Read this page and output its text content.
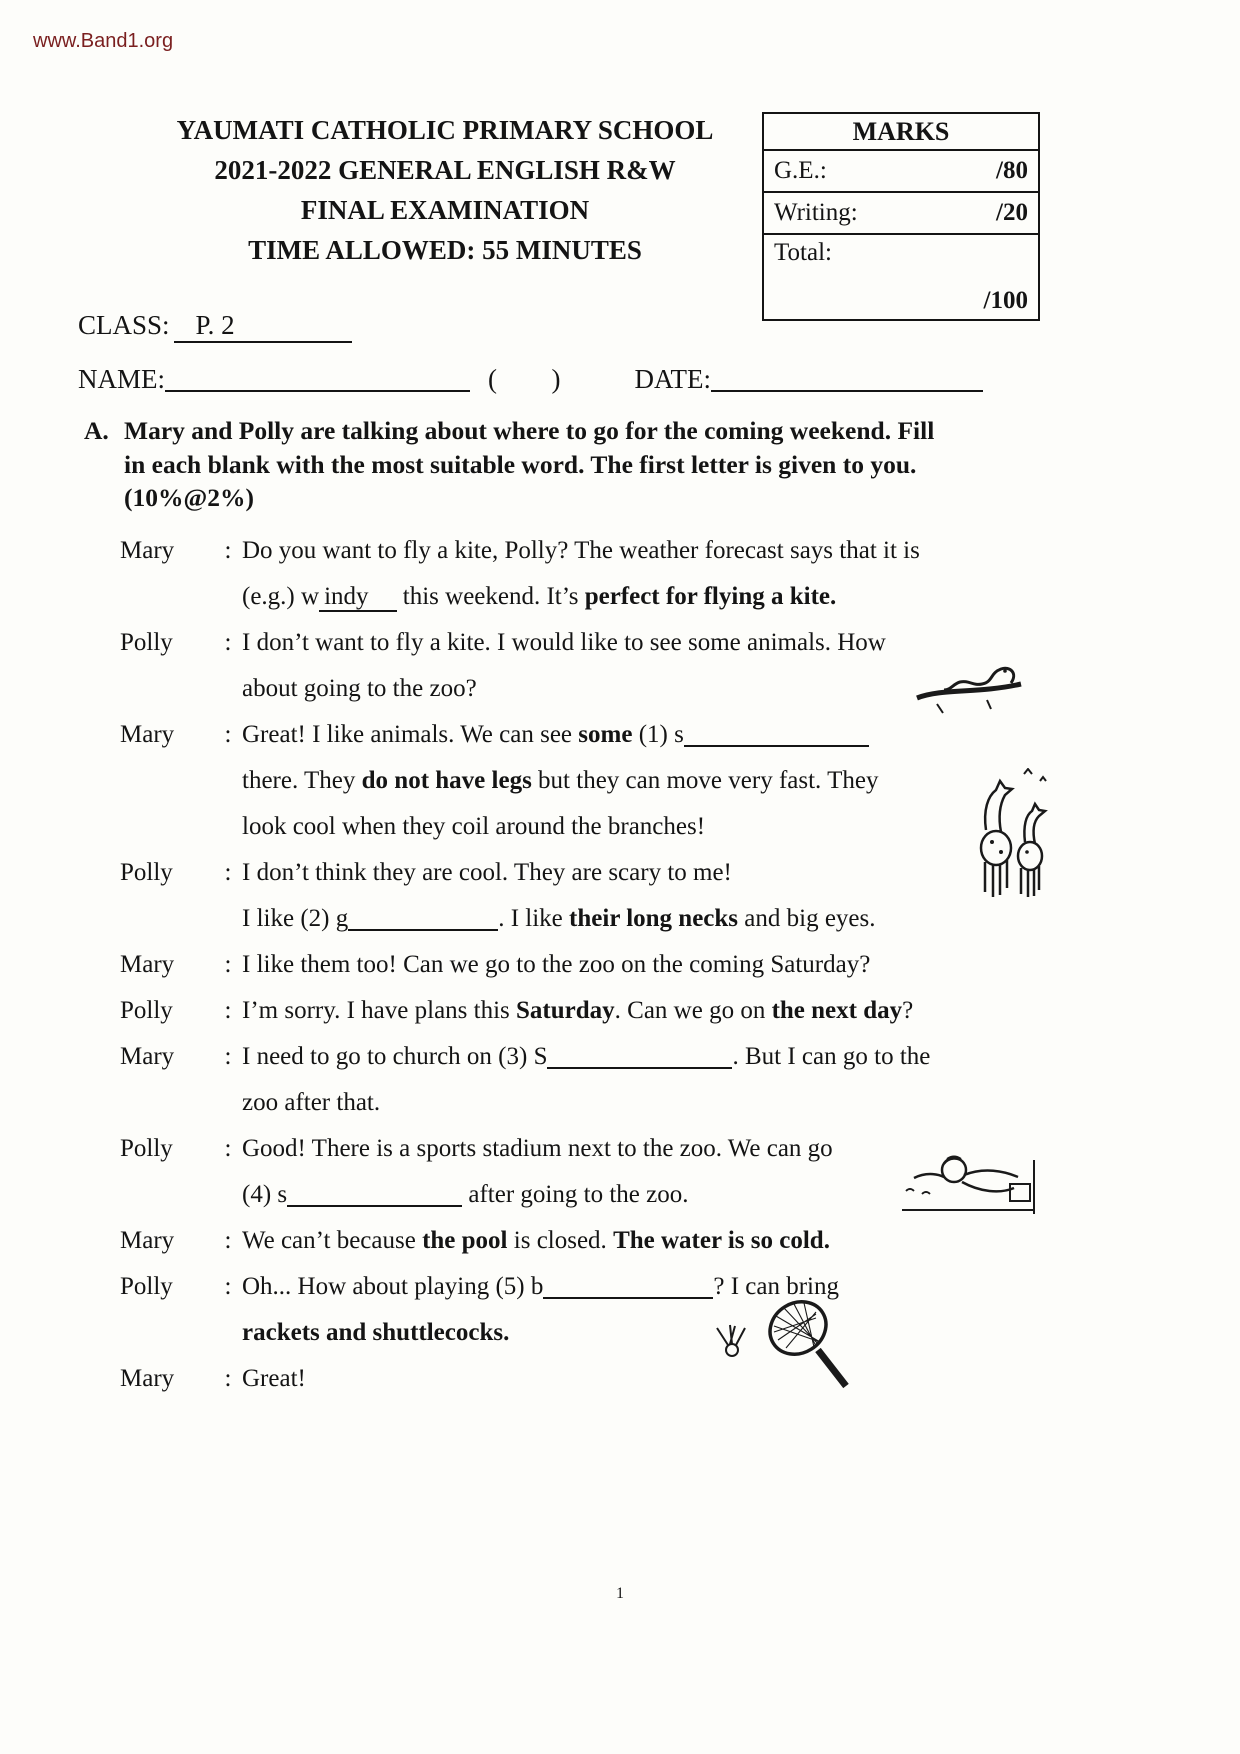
www.Band1.org
YAUMATI CATHOLIC PRIMARY SCHOOL
2021-2022 GENERAL ENGLISH R&W
FINAL EXAMINATION
TIME ALLOWED: 55 MINUTES
MARKS
G.E.:	/80
Writing:	/20
Total:
/100
CLASS: P. 2
NAME:	(      )	DATE:
A. Mary and Polly are talking about where to go for the coming weekend. Fill
in each blank with the most suitable word. The first letter is given to you.
(10%@2%)
Mary	: Do you want to fly a kite, Polly? The weather forecast says that it is
(e.g.) w indy this weekend. It’s perfect for flying a kite.
Polly	: I don’t want to fly a kite. I would like to see some animals. How
about going to the zoo?
Mary	: Great! I like animals. We can see some (1) s
there. They do not have legs but they can move very fast. They
look cool when they coil around the branches!
Polly	: I don’t think they are cool. They are scary to me!
I like (2) g	. I like their long necks and big eyes.
Mary	: I like them too! Can we go to the zoo on the coming Saturday?
Polly	: I’m sorry. I have plans this Saturday. Can we go on the next day?
Mary	: I need to go to church on (3) S	. But I can go to the
zoo after that.
Polly	: Good! There is a sports stadium next to the zoo. We can go
(4) s	after going to the zoo.
Mary	: We can’t because the pool is closed. The water is so cold.
Polly	: Oh... How about playing (5) b	? I can bring
rackets and shuttlecocks.
Mary	: Great!
1
